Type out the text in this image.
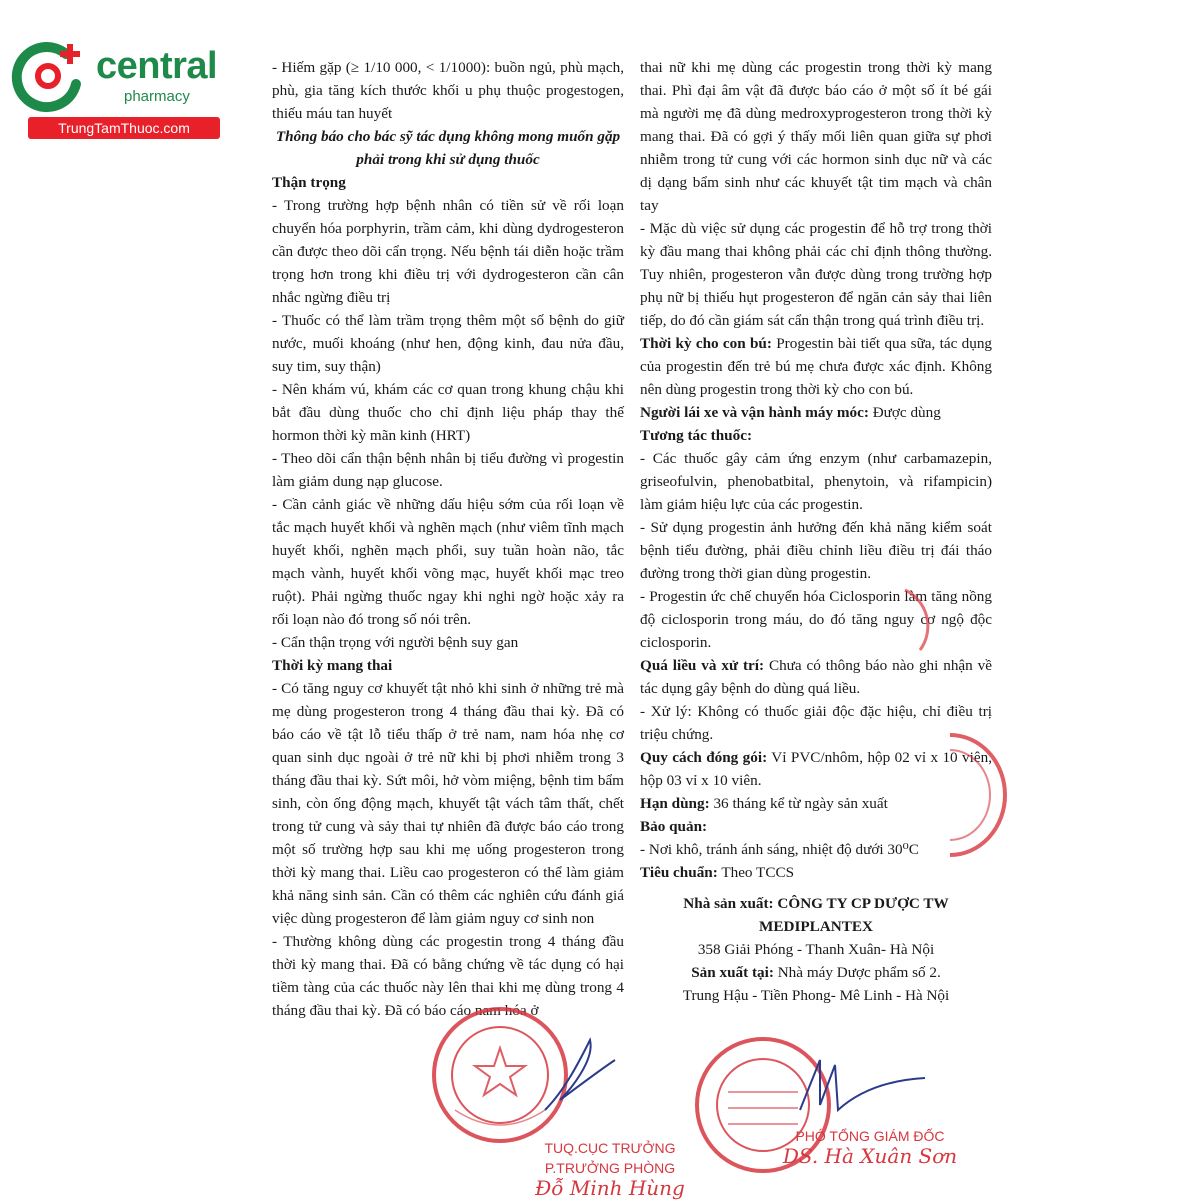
central
pharmacy
TrungTamThuoc.com

- Hiếm gặp (≥ 1/10 000, < 1/1000): buồn ngủ, phù mạch, phù, gia tăng kích thước khối u phụ thuộc progestogen, thiếu máu tan huyết

Thông báo cho bác sỹ tác dụng không mong muốn gặp phải trong khi sử dụng thuốc

Thận trọng

- Trong trường hợp bệnh nhân có tiền sử về rối loạn chuyển hóa porphyrin, trầm cảm, khi dùng dydrogesteron cần được theo dõi cẩn trọng. Nếu bệnh tái diễn hoặc trầm trọng hơn trong khi điều trị với dydrogesteron cần cân nhắc ngừng điều trị

- Thuốc có thể làm trầm trọng thêm một số bệnh do giữ nước, muối khoáng (như hen, động kinh, đau nửa đầu, suy tim, suy thận)

- Nên khám vú, khám các cơ quan trong khung chậu khi bắt đầu dùng thuốc cho chỉ định liệu pháp thay thế hormon thời kỳ mãn kinh (HRT)

- Theo dõi cẩn thận bệnh nhân bị tiểu đường vì progestin làm giảm dung nạp glucose.

- Cần cảnh giác về những dấu hiệu sớm của rối loạn về tắc mạch huyết khối và nghẽn mạch (như viêm tĩnh mạch huyết khối, nghẽn mạch phổi, suy tuần hoàn não, tắc mạch vành, huyết khối võng mạc, huyết khối mạc treo ruột). Phải ngừng thuốc ngay khi nghi ngờ hoặc xảy ra rối loạn nào đó trong số nói trên.

- Cẩn thận trọng với người bệnh suy gan

Thời kỳ mang thai

- Có tăng nguy cơ khuyết tật nhỏ khi sinh ở những trẻ mà mẹ dùng progesteron trong 4 tháng đầu thai kỳ. Đã có báo cáo về tật lỗ tiểu thấp ở trẻ nam, nam hóa nhẹ cơ quan sinh dục ngoài ở trẻ nữ khi bị phơi nhiễm trong 3 tháng đầu thai kỳ. Sứt môi, hở vòm miệng, bệnh tim bẩm sinh, còn ống động mạch, khuyết tật vách tâm thất, chết trong tử cung và sảy thai tự nhiên đã được báo cáo trong một số trường hợp sau khi mẹ uống progesteron trong thời kỳ mang thai. Liều cao progesteron có thể làm giảm khả năng sinh sản. Cần có thêm các nghiên cứu đánh giá việc dùng progesteron để làm giảm nguy cơ sinh non

- Thường không dùng các progestin trong 4 tháng đầu thời kỳ mang thai. Đã có bằng chứng về tác dụng có hại tiềm tàng của các thuốc này lên thai khi mẹ dùng trong 4 tháng đầu thai kỳ. Đã có báo cáo nam hóa ở

thai nữ khi mẹ dùng các progestin trong thời kỳ mang thai. Phì đại âm vật đã được báo cáo ở một số ít bé gái mà người mẹ đã dùng medroxyprogesteron trong thời kỳ mang thai. Đã có gợi ý thấy mối liên quan giữa sự phơi nhiễm trong tử cung với các hormon sinh dục nữ và các dị dạng bẩm sinh như các khuyết tật tim mạch và chân tay

- Mặc dù việc sử dụng các progestin để hỗ trợ trong thời kỳ đầu mang thai không phải các chỉ định thông thường. Tuy nhiên, progesteron vẫn được dùng trong trường hợp phụ nữ bị thiếu hụt progesteron để ngăn cản sảy thai liên tiếp, do đó cần giám sát cẩn thận trong quá trình điều trị.

Thời kỳ cho con bú: Progestin bài tiết qua sữa, tác dụng của progestin đến trẻ bú mẹ chưa được xác định. Không nên dùng progestin trong thời kỳ cho con bú.

Người lái xe và vận hành máy móc: Được dùng

Tương tác thuốc:

- Các thuốc gây cảm ứng enzym (như carbamazepin, griseofulvin, phenobatbital, phenytoin, và rifampicin) làm giảm hiệu lực của các progestin.

- Sử dụng progestin ảnh hưởng đến khả năng kiểm soát bệnh tiểu đường, phải điều chỉnh liều điều trị đái tháo đường trong thời gian dùng progestin.

- Progestin ức chế chuyển hóa Ciclosporin làm tăng nồng độ ciclosporin trong máu, do đó tăng nguy cơ ngộ độc ciclosporin.

Quá liều và xử trí: Chưa có thông báo nào ghi nhận về tác dụng gây bệnh do dùng quá liều.

- Xử lý: Không có thuốc giải độc đặc hiệu, chỉ điều trị triệu chứng.

Quy cách đóng gói: Vỉ PVC/nhôm, hộp 02 vỉ x 10 viên, hộp 03 vỉ x 10 viên.

Hạn dùng: 36 tháng kể từ ngày sản xuất

Bảo quản:

- Nơi khô, tránh ánh sáng, nhiệt độ dưới 30⁰C

Tiêu chuẩn: Theo TCCS

Nhà sản xuất: CÔNG TY CP DƯỢC TW MEDIPLANTEX

358 Giải Phóng - Thanh Xuân- Hà Nội

Sản xuất tại: Nhà máy Dược phẩm số 2.

Trung Hậu - Tiền Phong- Mê Linh - Hà Nội

TUQ.CỤC TRƯỞNG
P.TRƯỞNG PHÒNG
Đỗ Minh Hùng
PHÓ TỔNG GIÁM ĐỐC
DS. Hà Xuân Sơn
